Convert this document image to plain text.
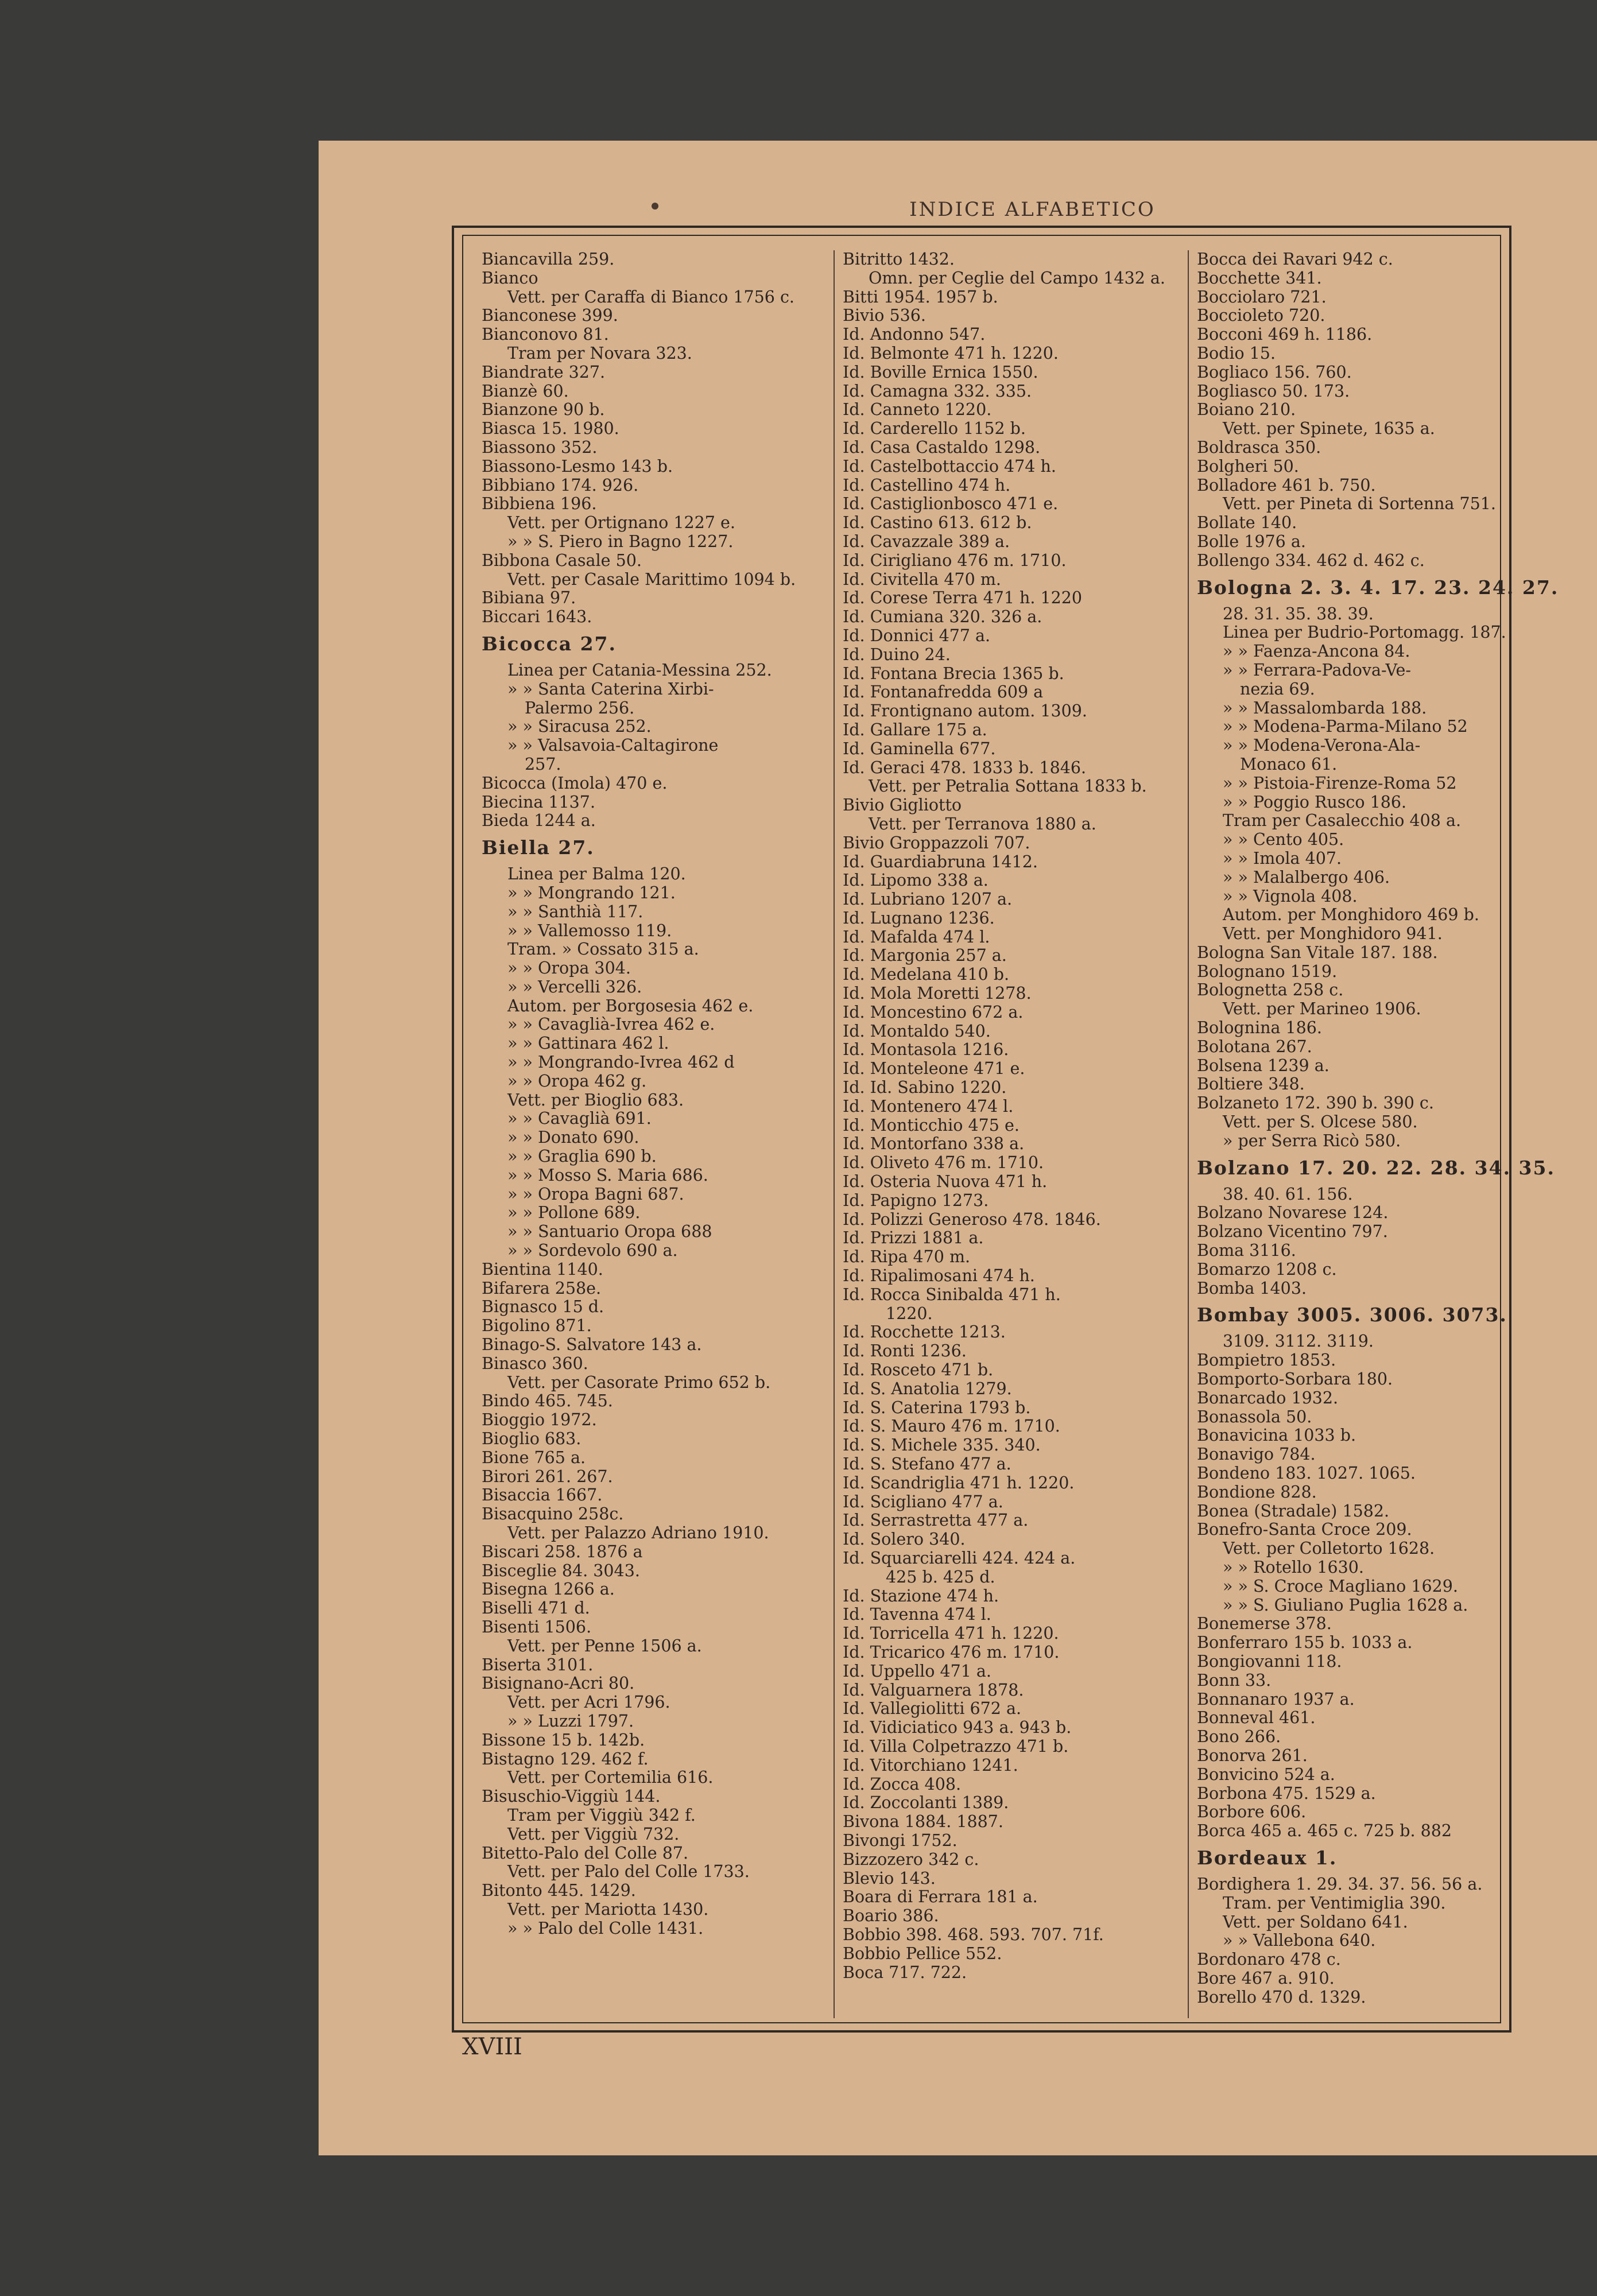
INDICE ALFABETICO
Biancavilla 259.
Bianco
Vett. per Caraffa di Bianco 1756 c.
Bianconese 399.
Bianconovo 81.
Tram per Novara 323.
Biandrate 327.
Bianzè 60.
Bianzone 90 b.
Biasca 15. 1980.
Biassono 352.
Biassono-Lesmo 143 b.
Bibbiano 174. 926.
Bibbiena 196.
Vett. per Ortignano 1227 e.
» » S. Piero in Bagno 1227.
Bibbona Casale 50.
Vett. per Casale Marittimo 1094 b.
Bibiana 97.
Biccari 1643.
Bicocca 27.
Linea per Catania-Messina 252.
» » Santa Caterina Xirbi-
Palermo 256.
» » Siracusa 252.
» » Valsavoia-Caltagirone
257.
Bicocca (Imola) 470 e.
Biecina 1137.
Bieda 1244 a.
Biella 27.
Linea per Balma 120.
» » Mongrando 121.
» » Santhià 117.
» » Vallemosso 119.
Tram. » Cossato 315 a.
» » Oropa 304.
» » Vercelli 326.
Autom. per Borgosesia 462 e.
» » Cavaglià-Ivrea 462 e.
» » Gattinara 462 l.
» » Mongrando-Ivrea 462 d
» » Oropa 462 g.
Vett. per Bioglio 683.
» » Cavaglià 691.
» » Donato 690.
» » Graglia 690 b.
» » Mosso S. Maria 686.
» » Oropa Bagni 687.
» » Pollone 689.
» » Santuario Oropa 688
» » Sordevolo 690 a.
Bientina 1140.
Bifarera 258e.
Bignasco 15 d.
Bigolino 871.
Binago-S. Salvatore 143 a.
Binasco 360.
Vett. per Casorate Primo 652 b.
Bindo 465. 745.
Bioggio 1972.
Bioglio 683.
Bione 765 a.
Birori 261. 267.
Bisaccia 1667.
Bisacquino 258c.
Vett. per Palazzo Adriano 1910.
Biscari 258. 1876 a
Bisceglie 84. 3043.
Bisegna 1266 a.
Biselli 471 d.
Bisenti 1506.
Vett. per Penne 1506 a.
Biserta 3101.
Bisignano-Acri 80.
Vett. per Acri 1796.
» » Luzzi 1797.
Bissone 15 b. 142b.
Bistagno 129. 462 f.
Vett. per Cortemilia 616.
Bisuschio-Viggiù 144.
Tram per Viggiù 342 f.
Vett. per Viggiù 732.
Bitetto-Palo del Colle 87.
Vett. per Palo del Colle 1733.
Bitonto 445. 1429.
Vett. per Mariotta 1430.
» » Palo del Colle 1431.
Bitritto 1432.
Omn. per Ceglie del Campo 1432 a.
Bitti 1954. 1957 b.
Bivio 536.
Id. Andonno 547.
Id. Belmonte 471 h. 1220.
Id. Boville Ernica 1550.
Id. Camagna 332. 335.
Id. Canneto 1220.
Id. Carderello 1152 b.
Id. Casa Castaldo 1298.
Id. Castelbottaccio 474 h.
Id. Castellino 474 h.
Id. Castiglionbosco 471 e.
Id. Castino 613. 612 b.
Id. Cavazzale 389 a.
Id. Cirigliano 476 m. 1710.
Id. Civitella 470 m.
Id. Corese Terra 471 h. 1220
Id. Cumiana 320. 326 a.
Id. Donnici 477 a.
Id. Duino 24.
Id. Fontana Brecia 1365 b.
Id. Fontanafredda 609 a
Id. Frontignano autom. 1309.
Id. Gallare 175 a.
Id. Gaminella 677.
Id. Geraci 478. 1833 b. 1846.
Vett. per Petralia Sottana 1833 b.
Bivio Gigliotto
Vett. per Terranova 1880 a.
Bivio Groppazzoli 707.
Id. Guardiabruna 1412.
Id. Lipomo 338 a.
Id. Lubriano 1207 a.
Id. Lugnano 1236.
Id. Mafalda 474 l.
Id. Margonia 257 a.
Id. Medelana 410 b.
Id. Mola Moretti 1278.
Id. Moncestino 672 a.
Id. Montaldo 540.
Id. Montasola 1216.
Id. Monteleone 471 e.
Id. Id. Sabino 1220.
Id. Montenero 474 l.
Id. Monticchio 475 e.
Id. Montorfano 338 a.
Id. Oliveto 476 m. 1710.
Id. Osteria Nuova 471 h.
Id. Papigno 1273.
Id. Polizzi Generoso 478. 1846.
Id. Prizzi 1881 a.
Id. Ripa 470 m.
Id. Ripalimosani 474 h.
Id. Rocca Sinibalda 471 h.
1220.
Id. Rocchette 1213.
Id. Ronti 1236.
Id. Rosceto 471 b.
Id. S. Anatolia 1279.
Id. S. Caterina 1793 b.
Id. S. Mauro 476 m. 1710.
Id. S. Michele 335. 340.
Id. S. Stefano 477 a.
Id. Scandriglia 471 h. 1220.
Id. Scigliano 477 a.
Id. Serrastretta 477 a.
Id. Solero 340.
Id. Squarciarelli 424. 424 a.
425 b. 425 d.
Id. Stazione 474 h.
Id. Tavenna 474 l.
Id. Torricella 471 h. 1220.
Id. Tricarico 476 m. 1710.
Id. Uppello 471 a.
Id. Valguarnera 1878.
Id. Vallegiolitti 672 a.
Id. Vidiciatico 943 a. 943 b.
Id. Villa Colpetrazzo 471 b.
Id. Vitorchiano 1241.
Id. Zocca 408.
Id. Zoccolanti 1389.
Bivona 1884. 1887.
Bivongi 1752.
Bizzozero 342 c.
Blevio 143.
Boara di Ferrara 181 a.
Boario 386.
Bobbio 398. 468. 593. 707. 71f.
Bobbio Pellice 552.
Boca 717. 722.
Bocca dei Ravari 942 c.
Bocchette 341.
Bocciolaro 721.
Boccioleto 720.
Bocconi 469 h. 1186.
Bodio 15.
Bogliaco 156. 760.
Bogliasco 50. 173.
Boiano 210.
Vett. per Spinete, 1635 a.
Boldrasca 350.
Bolgheri 50.
Bolladore 461 b. 750.
Vett. per Pineta di Sortenna 751.
Bollate 140.
Bolle 1976 a.
Bollengo 334. 462 d. 462 c.
Bologna 2. 3. 4. 17. 23. 24. 27.
28. 31. 35. 38. 39.
Linea per Budrio-Portomagg. 187.
» » Faenza-Ancona 84.
» » Ferrara-Padova-Ve-
nezia 69.
» » Massalombarda 188.
» » Modena-Parma-Milano 52
» » Modena-Verona-Ala-
Monaco 61.
» » Pistoia-Firenze-Roma 52
» » Poggio Rusco 186.
Tram per Casalecchio 408 a.
» » Cento 405.
» » Imola 407.
» » Malalbergo 406.
» » Vignola 408.
Autom. per Monghidoro 469 b.
Vett. per Monghidoro 941.
Bologna San Vitale 187. 188.
Bolognano 1519.
Bolognetta 258 c.
Vett. per Marineo 1906.
Bolognina 186.
Bolotana 267.
Bolsena 1239 a.
Boltiere 348.
Bolzaneto 172. 390 b. 390 c.
Vett. per S. Olcese 580.
» per Serra Ricò 580.
Bolzano 17. 20. 22. 28. 34. 35.
38. 40. 61. 156.
Bolzano Novarese 124.
Bolzano Vicentino 797.
Boma 3116.
Bomarzo 1208 c.
Bomba 1403.
Bombay 3005. 3006. 3073.
3109. 3112. 3119.
Bompietro 1853.
Bomporto-Sorbara 180.
Bonarcado 1932.
Bonassola 50.
Bonavicina 1033 b.
Bonavigo 784.
Bondeno 183. 1027. 1065.
Bondione 828.
Bonea (Stradale) 1582.
Bonefro-Santa Croce 209.
Vett. per Colletorto 1628.
» » Rotello 1630.
» » S. Croce Magliano 1629.
» » S. Giuliano Puglia 1628 a.
Bonemerse 378.
Bonferraro 155 b. 1033 a.
Bongiovanni 118.
Bonn 33.
Bonnanaro 1937 a.
Bonneval 461.
Bono 266.
Bonorva 261.
Bonvicino 524 a.
Borbona 475. 1529 a.
Borbore 606.
Borca 465 a. 465 c. 725 b. 882
Bordeaux 1.
Bordighera 1. 29. 34. 37. 56. 56 a.
Tram. per Ventimiglia 390.
Vett. per Soldano 641.
» » Vallebona 640.
Bordonaro 478 c.
Bore 467 a. 910.
Borello 470 d. 1329.
XVIII
